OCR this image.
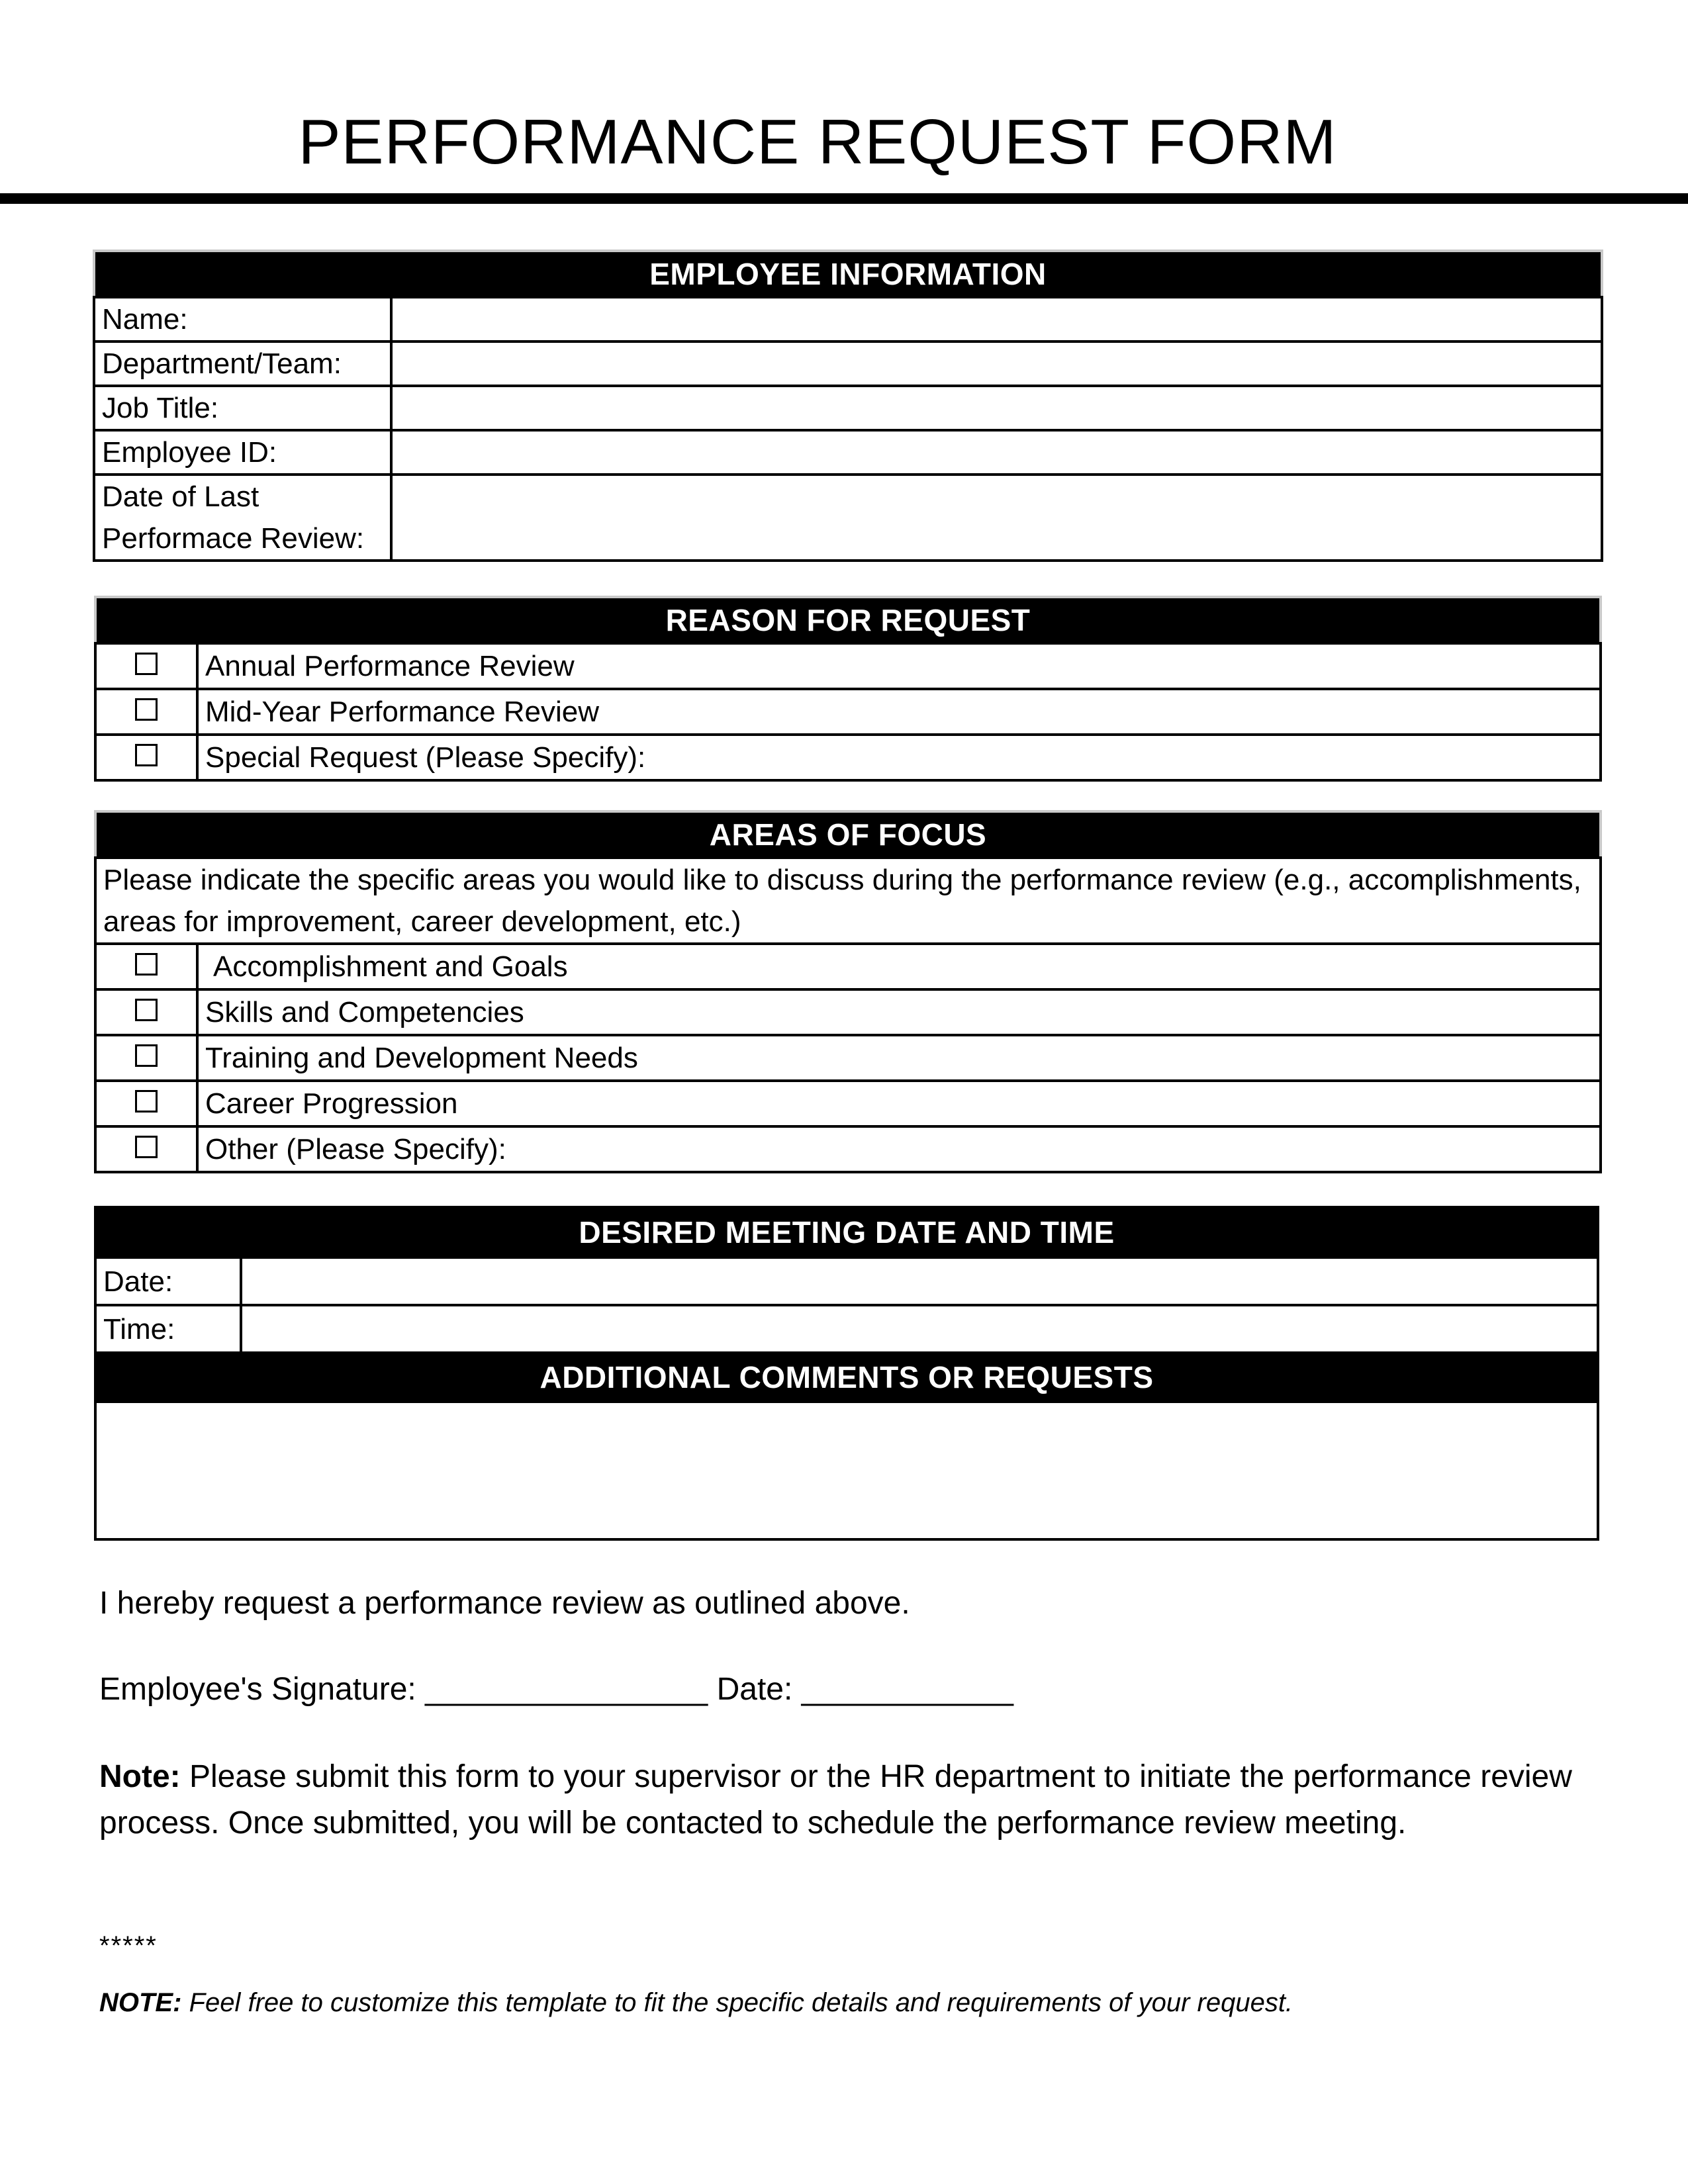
PERFORMANCE REQUEST FORM
EMPLOYEE INFORMATION	
Name:	
Department/Team:	
Job Title:	
Employee ID:	

Date of Last
Performace Review:	

REASON FOR REQUEST	
	Annual Performance Review
	Mid-Year Performance Review
	Special Request (Please Specify):
AREAS OF FOCUS	
Please indicate the specific areas you would like to discuss during the performance review (e.g., accomplishments, areas for improvement, career development, etc.)	
	Accomplishment and Goals
	Skills and Competencies
	Training and Development Needs
	Career Progression
	Other (Please Specify):
DESIRED MEETING DATE AND TIME	
Date:	
Time:	
ADDITIONAL COMMENTS OR REQUESTS	

I hereby request a performance review as outlined above.
Employee's Signature: ________________ Date: ____________
Note: Please submit this form to your supervisor or the HR department to initiate the performance review process. Once submitted, you will be contacted to schedule the performance review meeting.
*****
NOTE: Feel free to customize this template to fit the specific details and requirements of your request.
